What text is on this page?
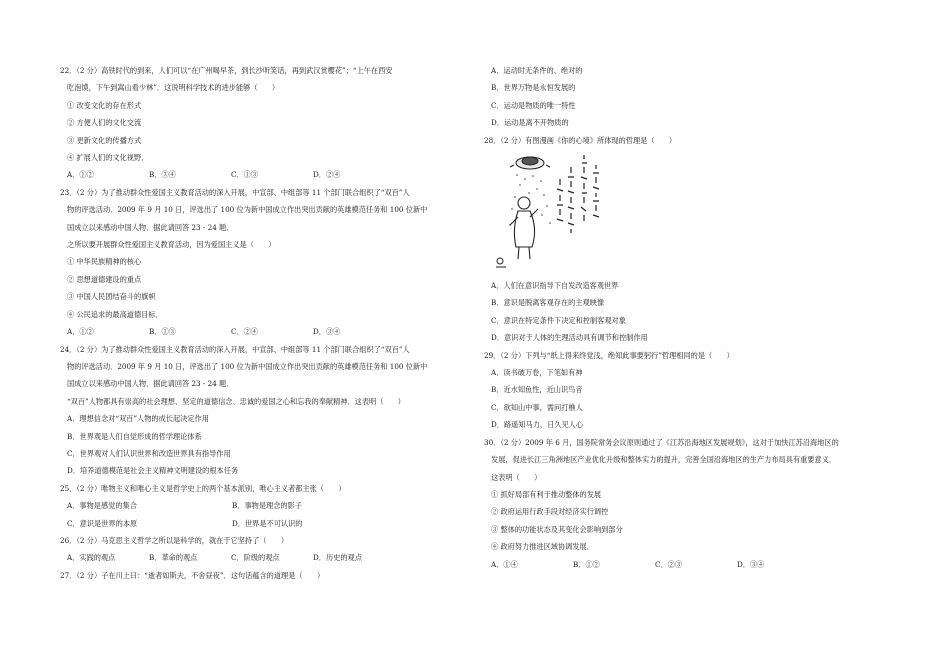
22．（2 分）高铁时代的到来，人们可以“在广州喝早茶，到长沙听笑话，再到武汉赏樱花”；“上午在西安
吃泡馍，下午到嵩山看少林”．这说明科学技术的进步能够（　　）
① 改变文化的存在形式
② 方便人们的文化交流
③ 更新文化的传播方式
④ 扩展人们的文化视野．
A．①②	B．③④	C．①③	D．②④
23．（2 分）为了推动群众性爱国主义教育活动的深入开展，中宣部、中组部等 11 个部门联合组织了“双百”人
物的评选活动．2009 年 9 月 10 日，评选出了 100 位为新中国成立作出突出贡献的英雄模范任务和 100 位新中
国成立以来感动中国人物．据此请回答 23 - 24 题．
之所以要开展群众性爱国主义教育活动，因为爱国主义是（　　）
① 中华民族精神的核心
② 思想道德建设的重点
③ 中国人民团结奋斗的旗帜
④ 公民追求的最高道德目标．
A．①②	B．①③	C．②④	D．③④
24．（2 分）为了推动群众性爱国主义教育活动的深入开展，中宣部、中组部等 11 个部门联合组织了“双百”人
物的评选活动．2009 年 9 月 10 日，评选出了 100 位为新中国成立作出突出贡献的英雄模范任务和 100 位新中
国成立以来感动中国人物．据此请回答 23 - 24 题．
“双百”人物都具有崇高的社会理想、坚定的道德信念、忠诚的爱国之心和忘我的奉献精神．这表明（　　）
A．理想信念对“双百”人物的成长起决定作用
B．世界观是人们自觉形成的哲学理论体系
C．世界观对人们认识世界和改造世界具有指导作用
D．培养道德模范是社会主义精神文明建设的根本任务
25．（2 分）唯物主义和唯心主义是哲学史上的两个基本派别，唯心主义者都主张（　　）
A．事物是感觉的集合	B．事物是理念的影子
C．意识是世界的本原	D．世界是不可认识的
26．（2 分）马克思主义哲学之所以是科学的，就在于它坚持了（　　）
A．实践的观点	B．革命的观点	C．阶级的观点	D．历史的观点
27．（2 分）子在川上曰：“逝者如斯夫，不舍昼夜”．这句话蕴含的道理是（　　）
A．运动时无条件的、绝对的
B．世界万物是永恒发展的
C．运动是物质的唯一特性
D．运动是离不开物质的
28．（2 分）有图漫画《你的心境》所体现的哲理是（　　）
A．人们在意识指导下自发改造客观世界
B．意识是脱离客观存在的主观映像
C．意识在特定条件下决定和控制客观对象
D．意识对于人体的生理活动具有调节和控制作用
29．（2 分）下列与“纸上得来终觉浅，绝知此事要躬行”哲理相同的是（　　）
A．读书破万卷，下笔如有神
B．近水知鱼性，近山识鸟音
C．欲知山中事，需问打樵人
D．路遥知马力，日久见人心
30．（2 分）2009 年 6 月，国务院常务会议原则通过了《江苏沿海地区发展规划》，这对于加快江苏沿海地区的
发展，促进长江三角洲地区产业优化升级和整体实力的提升，完善全国沿海地区的生产力布局具有重要意义．
这表明（　　）
① 抓好局部有利于推动整体的发展
② 政府运用行政手段对经济实行调控
③ 整体的功能状态及其变化会影响到部分
④ 政府努力推进区域协调发展．
A．①④	B．①②	C．②③	D．③④
